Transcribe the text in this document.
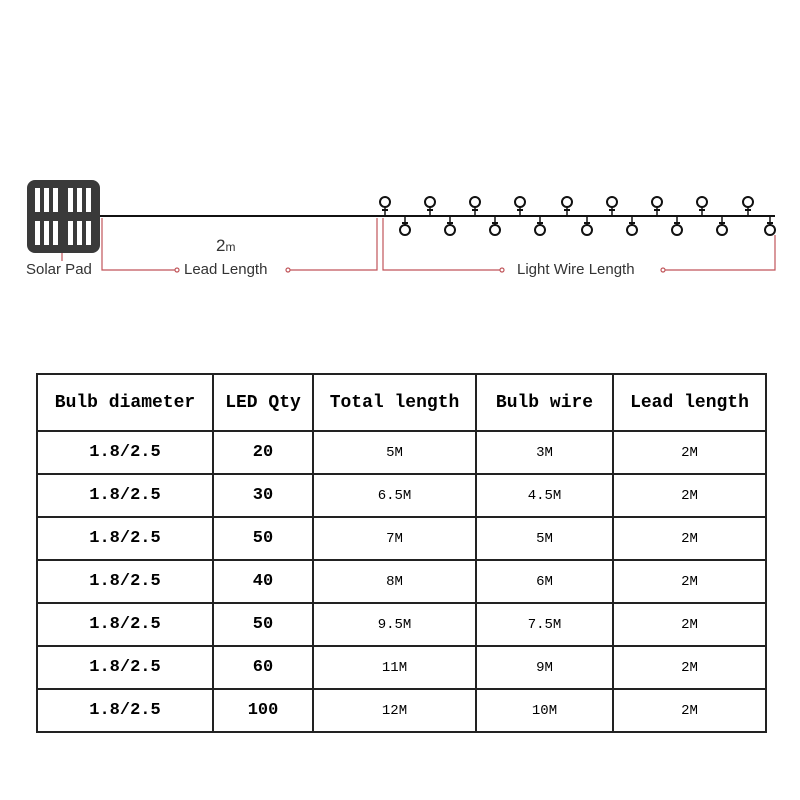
Solar Pad
2m
Lead Length	Light Wire Length
Bulb diameter	LED Qty	Total length	Bulb wire	Lead length
1.8/2.5	20	5M	3M	2M
1.8/2.5	30	6.5M	4.5M	2M
1.8/2.5	50	7M	5M	2M
1.8/2.5	40	8M	6M	2M
1.8/2.5	50	9.5M	7.5M	2M
1.8/2.5	60	11M	9M	2M
1.8/2.5	100	12M	10M	2M
